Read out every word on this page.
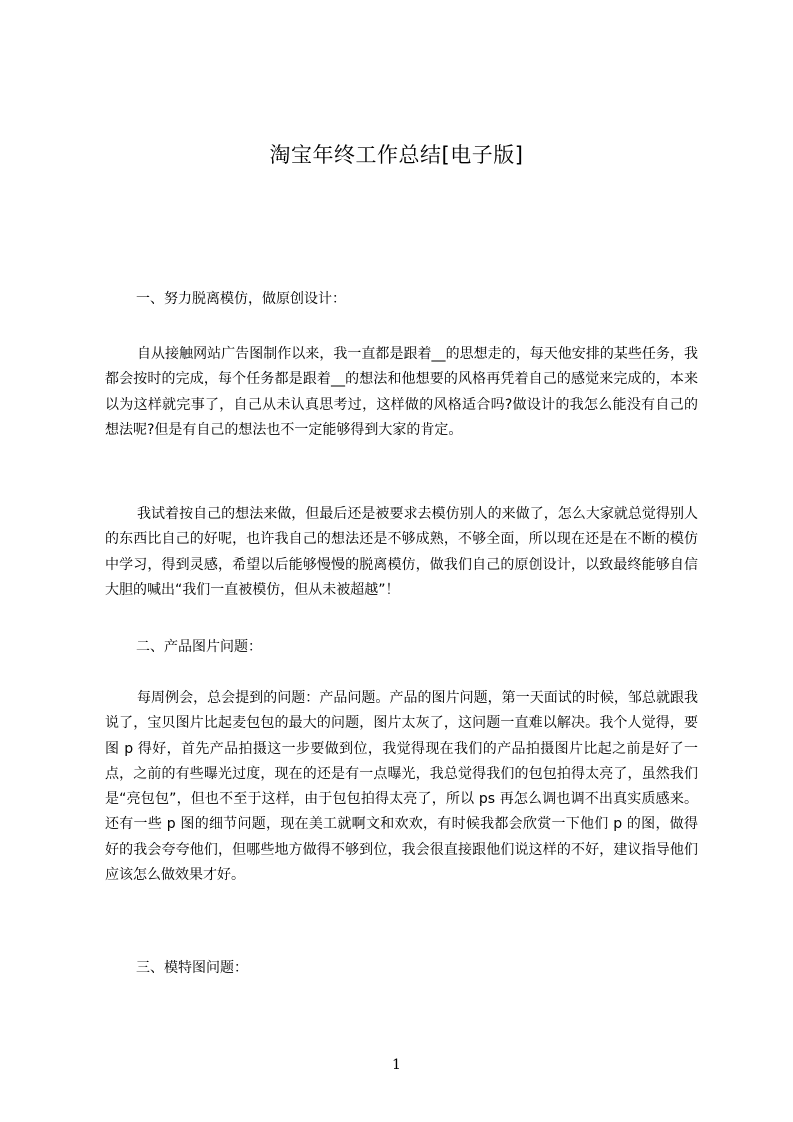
淘宝年终工作总结[电子版]
一、努力脱离模仿，做原创设计：
自从接触网站广告图制作以来，我一直都是跟着__的思想走的，每天他安排的某些任务，我都会按时的完成，每个任务都是跟着__的想法和他想要的风格再凭着自己的感觉来完成的，本来以为这样就完事了，自己从未认真思考过，这样做的风格适合吗?做设计的我怎么能没有自己的想法呢?但是有自己的想法也不一定能够得到大家的肯定。
我试着按自己的想法来做，但最后还是被要求去模仿别人的来做了，怎么大家就总觉得别人的东西比自己的好呢，也许我自己的想法还是不够成熟，不够全面，所以现在还是在不断的模仿中学习，得到灵感，希望以后能够慢慢的脱离模仿，做我们自己的原创设计，以致最终能够自信大胆的喊出“我们一直被模仿，但从未被超越”！
二、产品图片问题：
每周例会，总会提到的问题：产品问题。产品的图片问题，第一天面试的时候，邹总就跟我说了，宝贝图片比起麦包包的最大的问题，图片太灰了，这问题一直难以解决。我个人觉得，要图 p 得好，首先产品拍摄这一步要做到位，我觉得现在我们的产品拍摄图片比起之前是好了一点，之前的有些曝光过度，现在的还是有一点曝光，我总觉得我们的包包拍得太亮了，虽然我们是“亮包包”，但也不至于这样，由于包包拍得太亮了，所以 ps 再怎么调也调不出真实质感来。还有一些 p 图的细节问题，现在美工就啊文和欢欢，有时候我都会欣赏一下他们 p 的图，做得好的我会夸夸他们，但哪些地方做得不够到位，我会很直接跟他们说这样的不好，建议指导他们应该怎么做效果才好。
三、模特图问题：
1
